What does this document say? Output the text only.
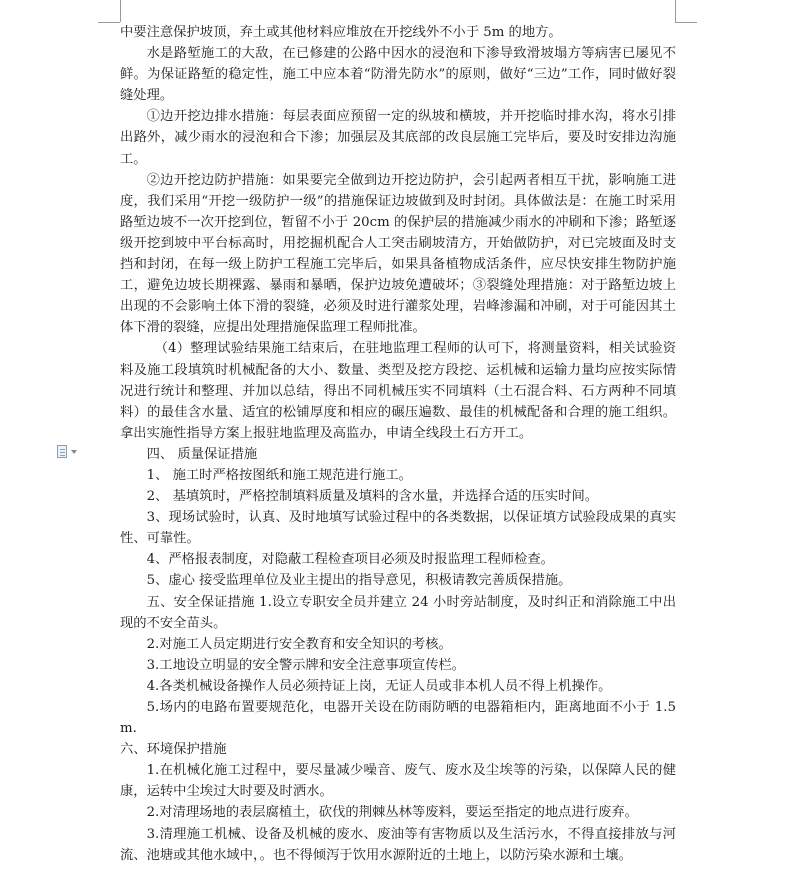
中要注意保护坡顶，弃土或其他材料应堆放在开挖线外不小于 5m 的地方。

水是路堑施工的大敌，在已修建的公路中因水的浸泡和下渗导致滑坡塌方等病害已屡见不鲜。为保证路堑的稳定性，施工中应本着“防滑先防水”的原则，做好“三边”工作，同时做好裂缝处理。

①边开挖边排水措施：每层表面应预留一定的纵坡和横坡，并开挖临时排水沟，将水引排出路外，减少雨水的浸泡和合下渗；加强层及其底部的改良层施工完毕后，要及时安排边沟施工。

②边开挖边防护措施：如果要完全做到边开挖边防护，会引起两者相互干扰，影响施工进度，我们采用“开挖一级防护一级”的措施保证边坡做到及时封闭。具体做法是：在施工时采用路堑边坡不一次开挖到位，暂留不小于 20cm 的保护层的措施减少雨水的冲刷和下渗；路堑逐级开挖到坡中平台标高时，用挖掘机配合人工突击刷坡清方，开始做防护，对已完坡面及时支挡和封闭，在每一级上防护工程施工完毕后，如果具备植物成活条件，应尽快安排生物防护施工，避免边坡长期裸露、暴雨和暴晒，保护边坡免遭破坏；③裂缝处理措施：对于路堑边坡上出现的不会影响土体下滑的裂缝，必须及时进行灌浆处理，岩峰渗漏和冲刷，对于可能因其土体下滑的裂缝，应提出处理措施保监理工程师批准。

（4）整理试验结果施工结束后，在驻地监理工程师的认可下，将测量资料，相关试验资料及施工段填筑时机械配备的大小、数量、类型及挖方段挖、运机械和运输力量均应按实际情况进行统计和整理、并加以总结，得出不同机械压实不同填料（土石混合料、石方两种不同填料）的最佳含水量、适宜的松铺厚度和相应的碾压遍数、最佳的机械配备和合理的施工组织。拿出实施性指导方案上报驻地监理及高监办，申请全线段土石方开工。

四、 质量保证措施

1、 施工时严格按图纸和施工规范进行施工。

2、 基填筑时，严格控制填料质量及填料的含水量，并选择合适的压实时间。

3、现场试验时，认真、及时地填写试验过程中的各类数据，以保证填方试验段成果的真实性、可靠性。

4、严格报表制度，对隐蔽工程检查项目必须及时报监理工程师检查。

5、虚心 接受监理单位及业主提出的指导意见，积极请教完善质保措施。

五、安全保证措施 1.设立专职安全员并建立 24 小时旁站制度，及时纠正和消除施工中出现的不安全苗头。

2.对施工人员定期进行安全教育和安全知识的考核。

3.工地设立明显的安全警示牌和安全注意事项宣传栏。

4.各类机械设备操作人员必须持证上岗，无证人员或非本机人员不得上机操作。

5.场内的电路布置要规范化，电器开关设在防雨防晒的电器箱柜内，距离地面不小于 1.5m.

六、环境保护措施

1.在机械化施工过程中，要尽量减少噪音、废气、废水及尘埃等的污染，以保障人民的健康，运转中尘埃过大时要及时洒水。

2.对清理场地的表层腐植土，砍伐的荆棘丛林等废料，要运至指定的地点进行废弃。

3.清理施工机械、设备及机械的废水、废油等有害物质以及生活污水，不得直接排放与河流、池塘或其他水域中，。也不得倾泻于饮用水源附近的土地上，以防污染水源和土壤。
